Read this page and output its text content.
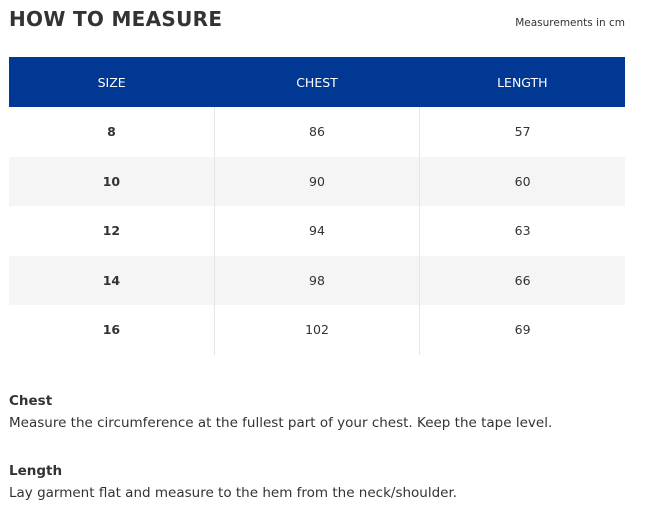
HOW TO MEASURE	Measurements in cm
SIZE	CHEST	LENGTH
8	86	57
10	90	60
12	94	63
14	98	66
16	102	69
Chest

Measure the circumference at the fullest part of your chest. Keep the tape level.

Length

Lay garment flat and measure to the hem from the neck/shoulder.
